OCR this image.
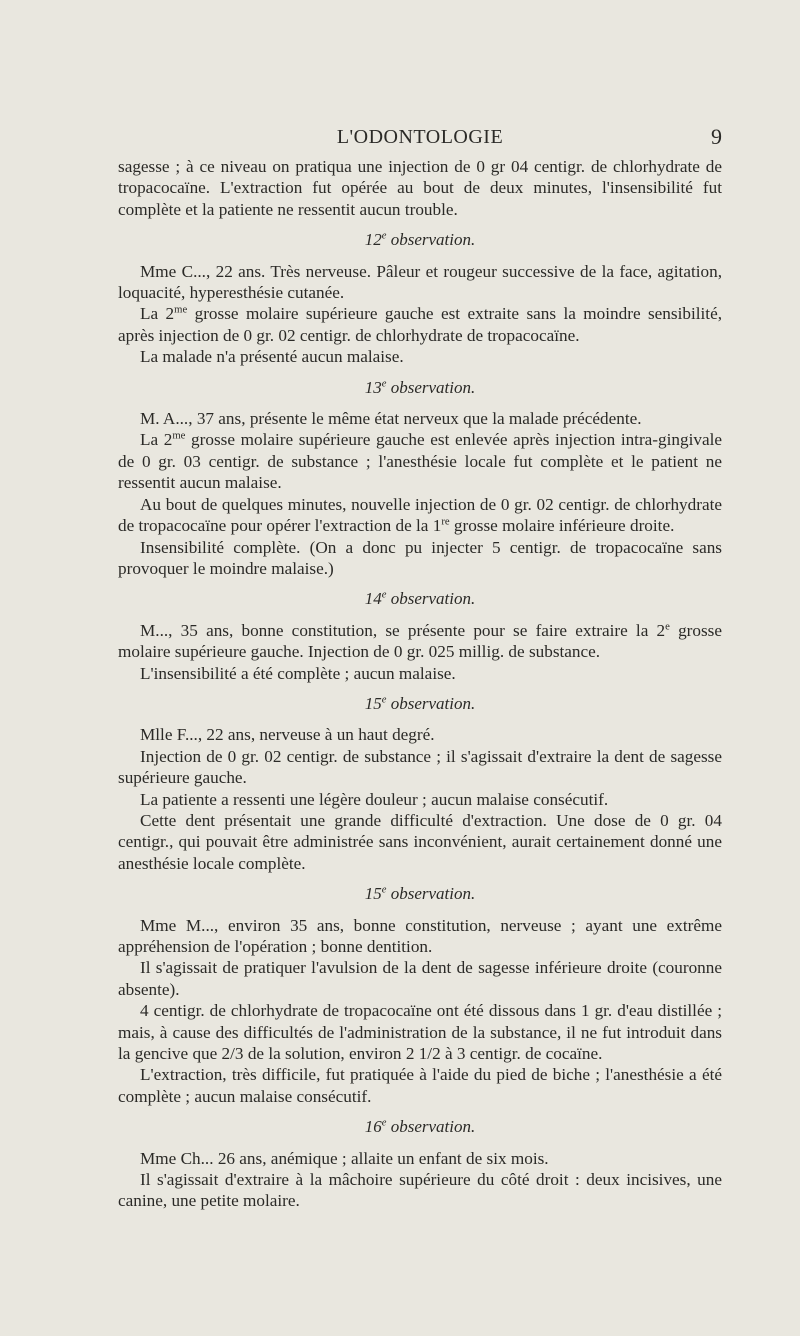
L'ODONTOLOGIE	9

sagesse ; à ce niveau on pratiqua une injection de 0 gr 04 centigr. de chlorhydrate de tropacocaïne. L'extraction fut opérée au bout de deux minutes, l'insensibilité fut complète et la patiente ne ressentit aucun trouble.

12e observation.

Mme C..., 22 ans. Très nerveuse. Pâleur et rougeur successive de la face, agitation, loquacité, hyperesthésie cutanée.

La $2^{me}$ grosse molaire supérieure gauche est extraite sans la moindre sensibilité, après injection de 0 gr. 02 centigr. de chlorhydrate de tropacocaïne.

La malade n'a présenté aucun malaise.

13e observation.

M. A..., 37 ans, présente le même état nerveux que la malade précédente.

La $2^{me}$ grosse molaire supérieure gauche est enlevée après injection intra-gingivale de 0 gr. 03 centigr. de substance ; l'anesthésie locale fut complète et le patient ne ressentit aucun malaise.

Au bout de quelques minutes, nouvelle injection de 0 gr. 02 centigr. de chlorhydrate de tropacocaïne pour opérer l'extraction de la 1re grosse molaire inférieure droite.

Insensibilité complète. (On a donc pu injecter 5 centigr. de tropacocaïne sans provoquer le moindre malaise.)

14e observation.

M..., 35 ans, bonne constitution, se présente pour se faire extraire la 2e grosse molaire supérieure gauche. Injection de 0 gr. 025 millig. de substance.

L'insensibilité a été complète ; aucun malaise.

15e observation.

Mlle F..., 22 ans, nerveuse à un haut degré.

Injection de 0 gr. 02 centigr. de substance ; il s'agissait d'extraire la dent de sagesse supérieure gauche.

La patiente a ressenti une légère douleur ; aucun malaise consécutif.

Cette dent présentait une grande difficulté d'extraction. Une dose de 0 gr. 04 centigr., qui pouvait être administrée sans inconvénient, aurait certainement donné une anesthésie locale complète.

15e observation.

Mme M..., environ 35 ans, bonne constitution, nerveuse ; ayant une extrême appréhension de l'opération ; bonne dentition.

Il s'agissait de pratiquer l'avulsion de la dent de sagesse inférieure droite (couronne absente).

4 centigr. de chlorhydrate de tropacocaïne ont été dissous dans 1 gr. d'eau distillée ; mais, à cause des difficultés de l'administration de la substance, il ne fut introduit dans la gencive que 2/3 de la solution, environ 2 1/2 à 3 centigr. de cocaïne.

L'extraction, très difficile, fut pratiquée à l'aide du pied de biche ; l'anesthésie a été complète ; aucun malaise consécutif.

16e observation.

Mme Ch... 26 ans, anémique ; allaite un enfant de six mois.

Il s'agissait d'extraire à la mâchoire supérieure du côté droit : deux incisives, une canine, une petite molaire.
